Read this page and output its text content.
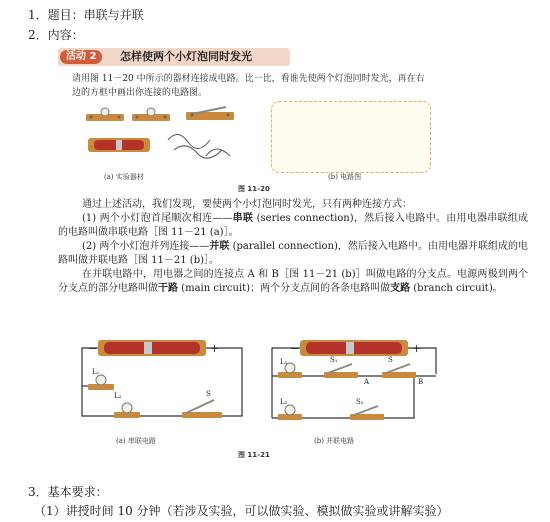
1．题目：串联与并联
2．内容：
活动 2	怎样使两个小灯泡同时发光
请用图 11－20 中所示的器材连接成电路。比一比，看谁先使两个灯泡同时发光，再在右边的方框中画出你连接的电路图。
(a) 实验器材	(b) 电路图
图 11-20

通过上述活动，我们发现，要使两个小灯泡同时发光，只有两种连接方式：

(1) 两个小灯泡首尾顺次相连——串联 (series connection)，然后接入电路中。由用电器串联组成的电路叫做串联电路［图 11－21 (a)］。

(2) 两个小灯泡并列连接——并联 (parallel connection)，然后接入电路中。由用电器并联组成的电路叫做并联电路［图 11－21 (b)］。

在并联电路中，用电器之间的连接点 A 和 B［图 11－21 (b)］叫做电路的分支点。电源两极到两个分支点的部分电路叫做干路 (main circuit)；两个分支点间的各条电路叫做支路 (branch circuit)。

−	+
L₁
L₂	S
(a) 串联电路
−	+
L₁	S₁	S
A	B
L₂	S₂
(b) 并联电路
图 11-21
3．基本要求：
（1）讲授时间 10 分钟（若涉及实验，可以做实验、模拟做实验或讲解实验）
